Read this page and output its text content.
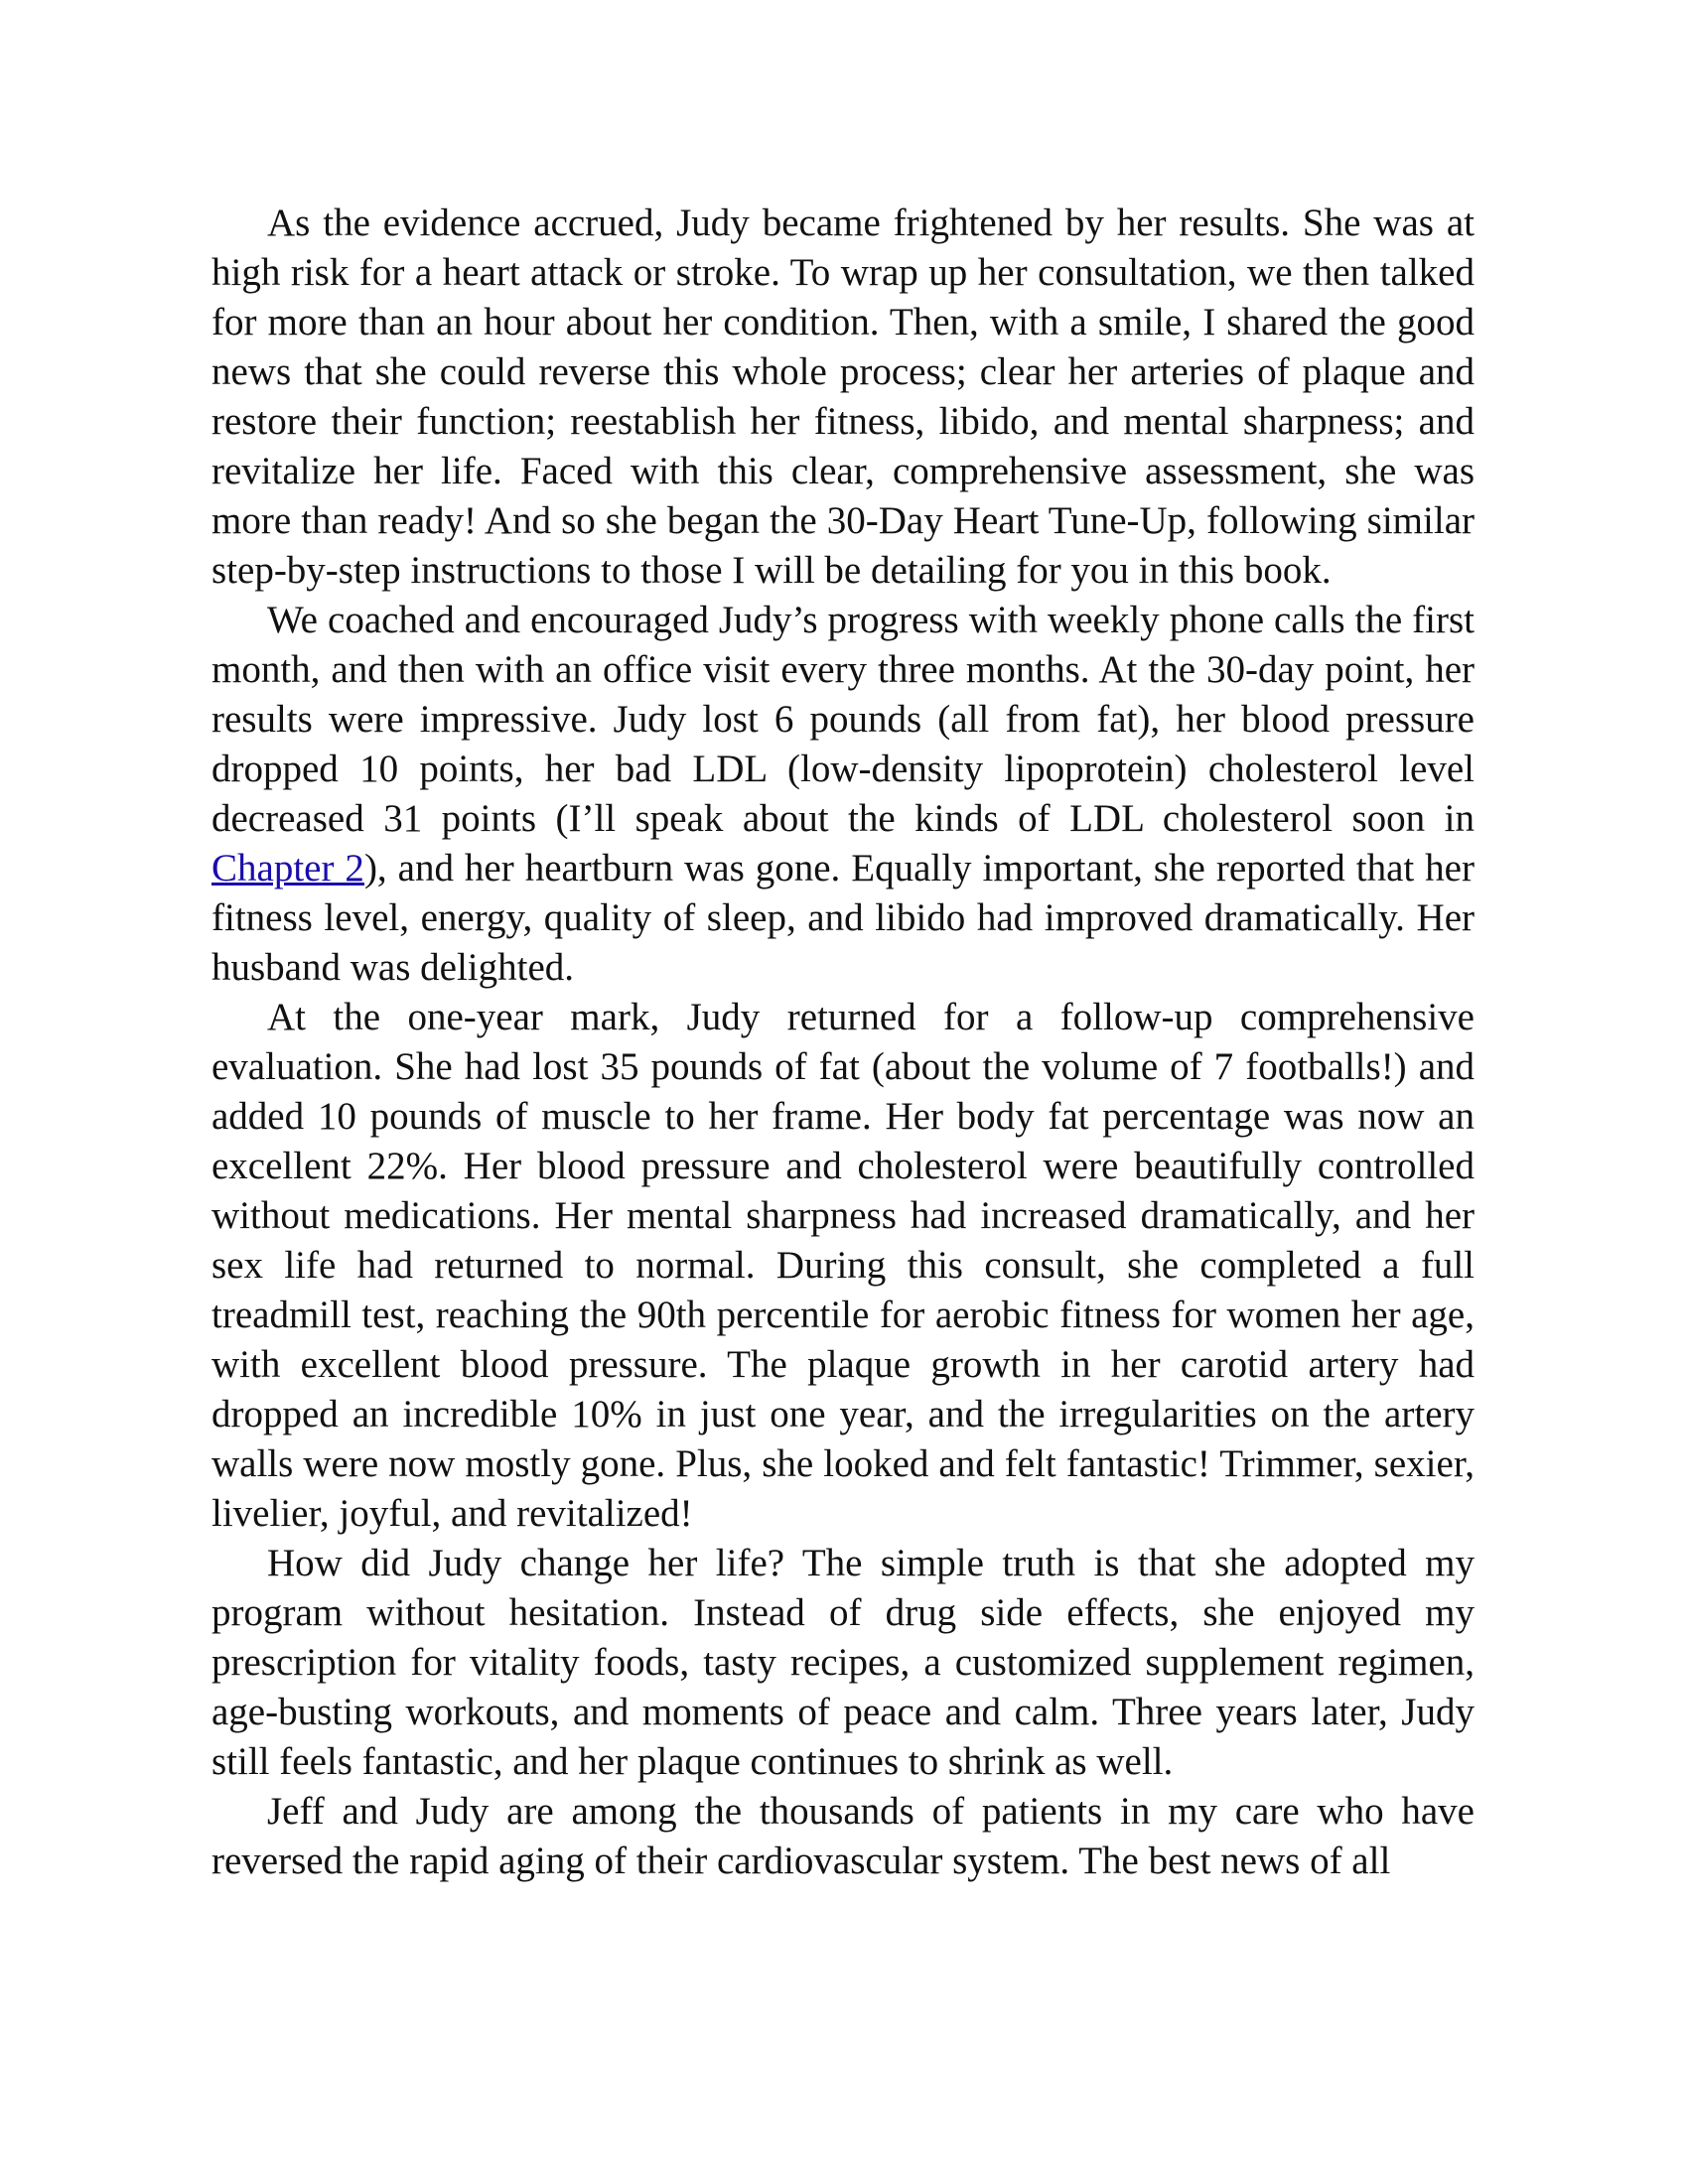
As the evidence accrued, Judy became frightened by her results. She was at high risk for a heart attack or stroke. To wrap up her consultation, we then talked for more than an hour about her condition. Then, with a smile, I shared the good news that she could reverse this whole process; clear her arteries of plaque and restore their function; reestablish her fitness, libido, and mental sharpness; and revitalize her life. Faced with this clear, comprehensive assessment, she was more than ready! And so she began the 30-Day Heart Tune-Up, following similar step-by-step instructions to those I will be detailing for you in this book.

We coached and encouraged Judy’s progress with weekly phone calls the first month, and then with an office visit every three months. At the 30-day point, her results were impressive. Judy lost 6 pounds (all from fat), her blood pressure dropped 10 points, her bad LDL (low-density lipoprotein) cholesterol level decreased 31 points (I’ll speak about the kinds of LDL cholesterol soon in Chapter 2), and her heartburn was gone. Equally important, she reported that her fitness level, energy, quality of sleep, and libido had improved dramatically. Her husband was delighted.

At the one-year mark, Judy returned for a follow-up comprehensive evaluation. She had lost 35 pounds of fat (about the volume of 7 footballs!) and added 10 pounds of muscle to her frame. Her body fat percentage was now an excellent 22%. Her blood pressure and cholesterol were beautifully controlled without medications. Her mental sharpness had increased dramatically, and her sex life had returned to normal. During this consult, she completed a full treadmill test, reaching the 90th percentile for aerobic fitness for women her age, with excellent blood pressure. The plaque growth in her carotid artery had dropped an incredible 10% in just one year, and the irregularities on the artery walls were now mostly gone. Plus, she looked and felt fantastic! Trimmer, sexier, livelier, joyful, and revitalized!

How did Judy change her life? The simple truth is that she adopted my program without hesitation. Instead of drug side effects, she enjoyed my prescription for vitality foods, tasty recipes, a customized supplement regimen, age-busting workouts, and moments of peace and calm. Three years later, Judy still feels fantastic, and her plaque continues to shrink as well.

Jeff and Judy are among the thousands of patients in my care who have reversed the rapid aging of their cardiovascular system. The best news of all
